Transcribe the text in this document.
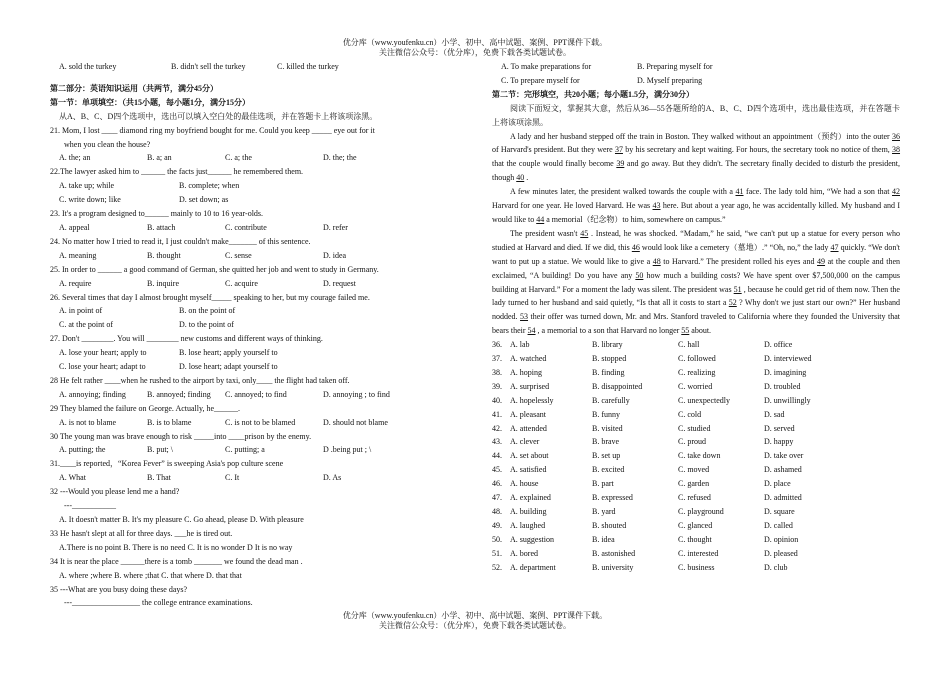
优分库（www.youfenku.cn）小学、初中、高中试题、案例、PPT课件下载。
关注微信公众号：（优分库），免费下载各类试题试卷。
A. sold the turkey	B. didn't sell the turkey	C. killed the turkey
第二部分：英语知识运用（共两节，满分45分）
第一节：单项填空：（共15小题，每小题1分，满分15分）
从A、B、C、D四个选项中，选出可以填入空白处的最佳选项，并在答题卡上将该项涂黑。
21. Mom, I lost ____ diamond ring my boyfriend bought for me. Could you keep _____ eye out for it
when you clean the house?
A. the; an	B. a; an	C. a; the	D. the; the
22.The lawyer asked him to ______ the facts just______ he remembered them.
A. take up; while	B. complete; when
C. write down; like	D. set down; as
23. It's a program designed to______ mainly to 10 to 16 year-olds.
A. appeal	B. attach	C. contribute	D. refer
24. No matter how I tried to read it, I just couldn't make_______ of this sentence.
A. meaning	B. thought	C. sense	D. idea
25. In order to ______ a good command of German, she quitted her job and went to study in Germany.
A. require	B. inquire	C. acquire	D. request
26. Several times that day I almost brought myself_____ speaking to her, but my courage failed me.
A. in point of	B. on the point of
C. at the point of	D. to the point of
27. Don't ________. You will ________ new customs and different ways of thinking.
A. lose your heart; apply to	B. lose heart; apply yourself to
C. lose your heart; adapt to	D. lose heart; adapt yourself to
28 He felt rather ____when he rushed to the airport by taxi, only____ the flight had taken off.
A. annoying; finding	B. annoyed; finding C. annoyed; to find	D. annoying ; to find
29 They blamed the failure on George. Actually, he______.
A. is not to blame	B. is to blame	C. is not to be blamed	D. should not blame
30 The young man was brave enough to risk _____into ____prison by the enemy.
A. putting; the	B. put; \	C. putting; a	D .being put ; \
31.____is reported，“Korea Fever” is sweeping Asia's pop culture scene
A. What	B. That	C. It	D. As
32 ---Would you please lend me a hand?
---___________
A. It doesn't matter B. It's my pleasure C. Go ahead, please D. With pleasure
33 He hasn't slept at all for three days. ___he is tired out.
A.There is no point B. There is no need C. It is no wonder D It is no way
34 It is near the place ______there is a tomb _______ we found the dead man .
A. where ;where B. where ;that C. that where D. that that
35 ---What are you busy doing these days?
---_________________ the college entrance examinations.
A. To make preparations for	B. Preparing myself for
C. To prepare myself for	D. Myself preparing
第二节：完形填空，共20小题；每小题1.5分，满分30分）
阅读下面短文，掌握其大意，然后从36—55各题所给的A、B、C、D四个选项中，选出最佳选项，并在答题卡上将该项涂黑。
A lady and her husband stepped off the train in Boston. They walked without an appointment（预约）into the outer 36 of Harvard's president. But they were 37 by his secretary and kept waiting. For hours, the secretary took no notice of them, 38 that the couple would finally become 39 and go away. But they didn't. The secretary finally decided to disturb the president, though 40 .
A few minutes later, the president walked towards the couple with a 41 face. The lady told him, “We had a son that 42 Harvard for one year. He loved Harvard. He was 43 here. But about a year ago, he was accidentally killed. My husband and I would like to 44 a memorial（纪念物）to him, somewhere on campus.”
The president wasn't 45 . Instead, he was shocked. “Madam,” he said, “we can't put up a statue for every person who studied at Harvard and died. If we did, this 46 would look like a cemetery（墓地）.” “Oh, no,” the lady 47 quickly. “We don't want to put up a statue. We would like to give a 48 to Harvard.” The president rolled his eyes and 49 at the couple and then exclaimed, “A building! Do you have any 50 how much a building costs? We have spent over $7,500,000 on the campus building at Harvard.” For a moment the lady was silent. The president was 51 , because he could get rid of them now. Then the lady turned to her husband and said quietly, “Is that all it costs to start a 52 ? Why don't we just start our own?” Her husband nodded. 53 their offer was turned down, Mr. and Mrs. Stanford traveled to California where they founded the University that bears their 54 , a memorial to a son that Harvard no longer 55 about.
36. A. lab	B. library	C. hall	D. office
37. A. watched	B. stopped	C. followed	D. interviewed
38. A. hoping	B. finding	C. realizing	D. imagining
39. A. surprised	B. disappointed	C. worried	D. troubled
40. A. hopelessly	B. carefully	C. unexpectedly	D. unwillingly
41. A. pleasant	B. funny	C. cold	D. sad
42. A. attended	B. visited	C. studied	D. served
43. A. clever	B. brave	C. proud	D. happy
44. A. set about	B. set up	C. take down	D. take over
45. A. satisfied	B. excited	C. moved	D. ashamed
46. A. house	B. part	C. garden	D. place
47. A. explained	B. expressed	C. refused	D. admitted
48. A. building	B. yard	C. playground	D. square
49. A. laughed	B. shouted	C. glanced	D. called
50. A. suggestion	B. idea	C. thought	D. opinion
51. A. bored	B. astonished	C. interested	D. pleased
52. A. department	B. university	C. business	D. club
优分库（www.youfenku.cn）小学、初中、高中试题、案例、PPT课件下载。
关注微信公众号：（优分库），免费下载各类试题试卷。
